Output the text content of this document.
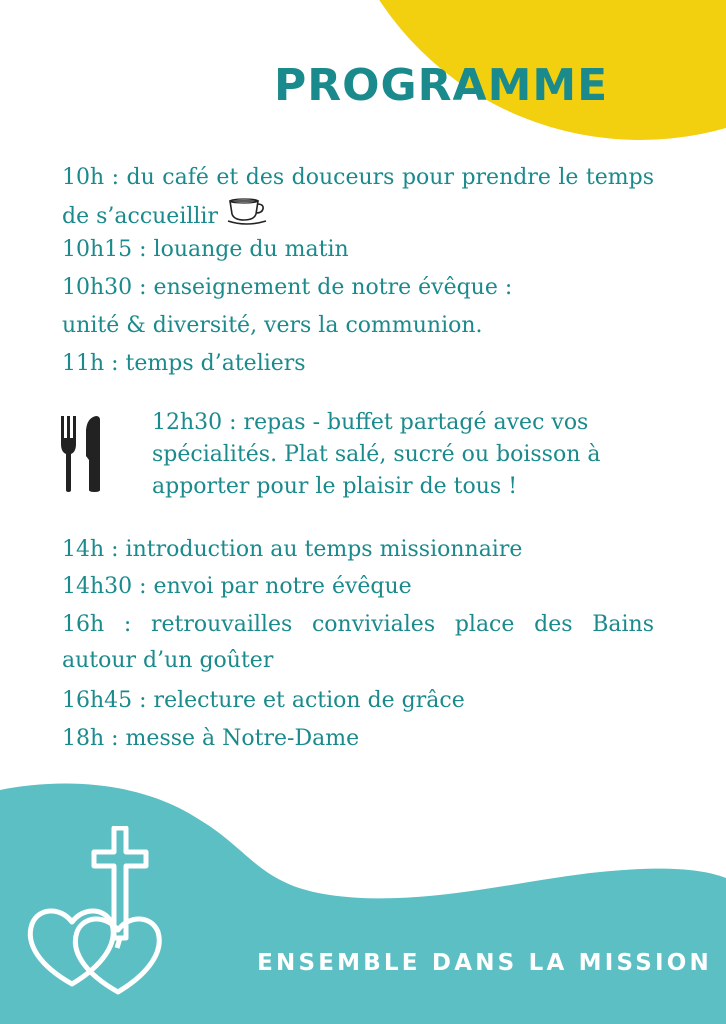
PROGRAMME

10h : du café et des douceurs pour prendre le temps de s’accueillir

10h15 : louange du matin

10h30 : enseignement de notre évêque :

unité & diversité, vers la communion.

11h : temps d’ateliers

12h30 : repas - buffet partagé avec vos spécialités. Plat salé, sucré ou boisson à apporter pour le plaisir de tous !

14h : introduction au temps missionnaire

14h30 : envoi par notre évêque

16h : retrouvailles conviviales place des Bains autour d’un goûter

16h45 : relecture et action de grâce

18h : messe à Notre-Dame

ENSEMBLE DANS LA MISSION
